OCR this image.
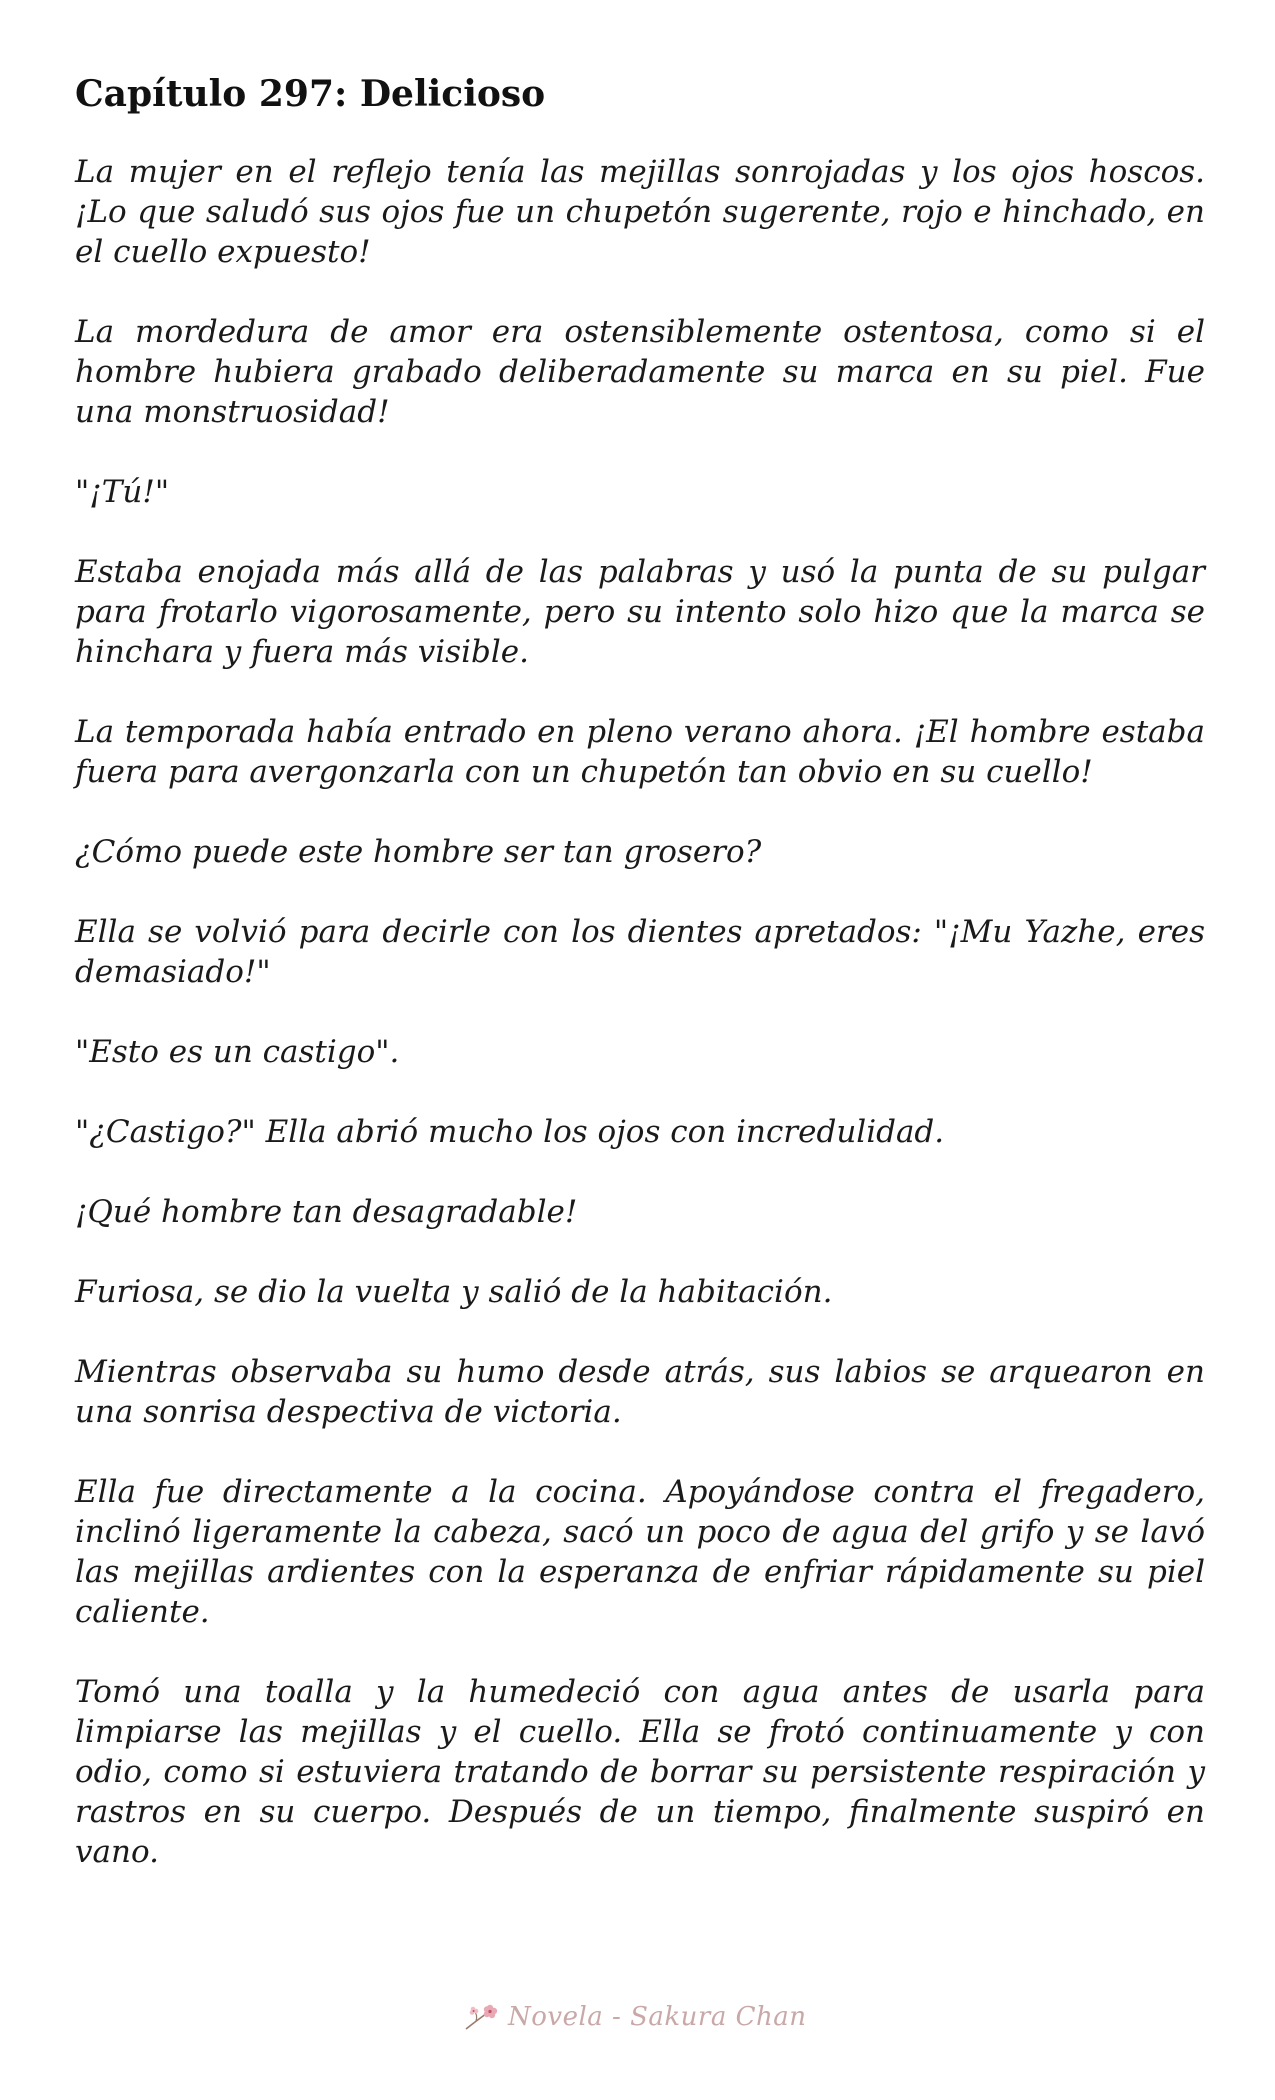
Capítulo 297: Delicioso

La mujer en el reflejo tenía las mejillas sonrojadas y los ojos hoscos. ¡Lo que saludó sus ojos fue un chupetón sugerente, rojo e hinchado, en el cuello expuesto!

La mordedura de amor era ostensiblemente ostentosa, como si el hombre hubiera grabado deliberadamente su marca en su piel. Fue una monstruosidad!

"¡Tú!"

Estaba enojada más allá de las palabras y usó la punta de su pulgar para frotarlo vigorosamente, pero su intento solo hizo que la marca se hinchara y fuera más visible.

La temporada había entrado en pleno verano ahora. ¡El hombre estaba fuera para avergonzarla con un chupetón tan obvio en su cuello!

¿Cómo puede este hombre ser tan grosero?

Ella se volvió para decirle con los dientes apretados: "¡Mu Yazhe, eres demasiado!"

"Esto es un castigo".

"¿Castigo?" Ella abrió mucho los ojos con incredulidad.

¡Qué hombre tan desagradable!

Furiosa, se dio la vuelta y salió de la habitación.

Mientras observaba su humo desde atrás, sus labios se arquearon en una sonrisa despectiva de victoria.

Ella fue directamente a la cocina. Apoyándose contra el fregadero, inclinó ligeramente la cabeza, sacó un poco de agua del grifo y se lavó las mejillas ardientes con la esperanza de enfriar rápidamente su piel caliente.

Tomó una toalla y la humedeció con agua antes de usarla para limpiarse las mejillas y el cuello. Ella se frotó continuamente y con odio, como si estuviera tratando de borrar su persistente respiración y rastros en su cuerpo. Después de un tiempo, finalmente suspiró en vano.

Novela - Sakura Chan
